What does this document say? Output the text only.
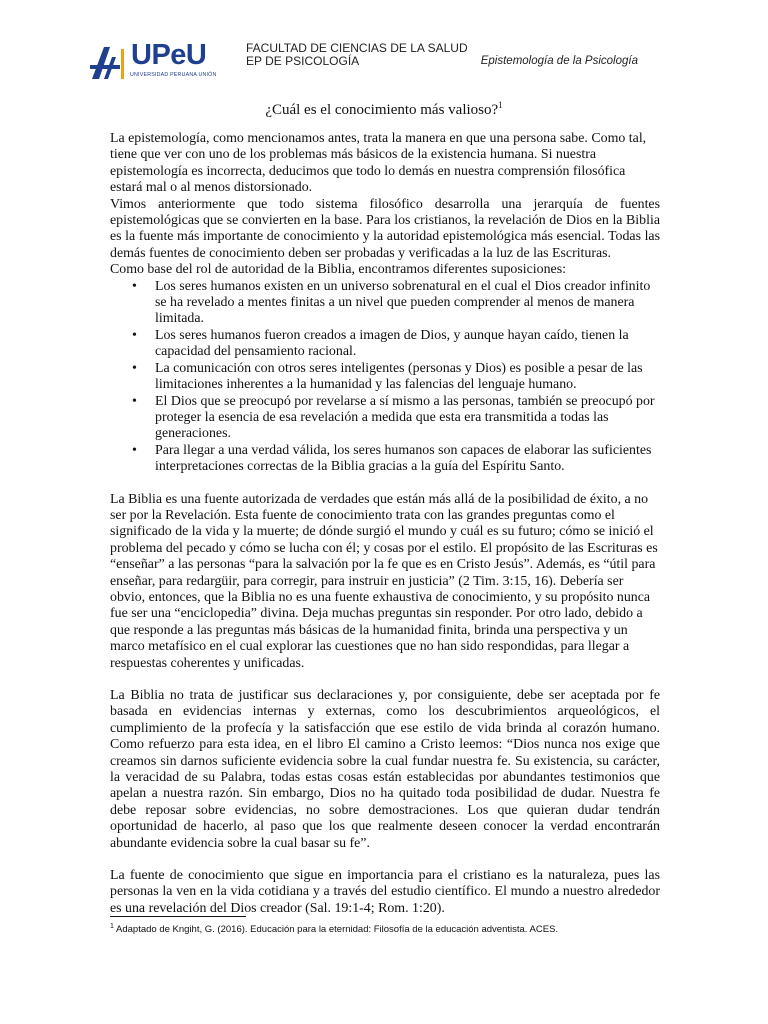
UPeU
UNIVERSIDAD PERUANA UNIÓN
FACULTAD DE CIENCIAS DE LA SALUD
EP DE PSICOLOGÍA	Epistemología de la Psicología
¿Cuál es el conocimiento más valioso?$^1$

La epistemología, como mencionamos antes, trata la manera en que una persona sabe. Como tal, tiene que ver con uno de los problemas más básicos de la existencia humana. Si nuestra epistemología es incorrecta, deducimos que todo lo demás en nuestra comprensión filosófica estará mal o al menos distorsionado.

Vimos anteriormente que todo sistema filosófico desarrolla una jerarquía de fuentes epistemológicas que se convierten en la base. Para los cristianos, la revelación de Dios en la Biblia es la fuente más importante de conocimiento y la autoridad epistemológica más esencial. Todas las demás fuentes de conocimiento deben ser probadas y verificadas a la luz de las Escrituras.

Como base del rol de autoridad de la Biblia, encontramos diferentes suposiciones:

• Los seres humanos existen en un universo sobrenatural en el cual el Dios creador infinito se ha revelado a mentes finitas a un nivel que pueden comprender al menos de manera limitada.
• Los seres humanos fueron creados a imagen de Dios, y aunque hayan caído, tienen la capacidad del pensamiento racional.
• La comunicación con otros seres inteligentes (personas y Dios) es posible a pesar de las limitaciones inherentes a la humanidad y las falencias del lenguaje humano.
• El Dios que se preocupó por revelarse a sí mismo a las personas, también se preocupó por proteger la esencia de esa revelación a medida que esta era transmitida a todas las generaciones.
• Para llegar a una verdad válida, los seres humanos son capaces de elaborar las suficientes interpretaciones correctas de la Biblia gracias a la guía del Espíritu Santo.

La Biblia es una fuente autorizada de verdades que están más allá de la posibilidad de éxito, a no ser por la Revelación. Esta fuente de conocimiento trata con las grandes preguntas como el significado de la vida y la muerte; de dónde surgió el mundo y cuál es su futuro; cómo se inició el problema del pecado y cómo se lucha con él; y cosas por el estilo. El propósito de las Escrituras es “enseñar” a las personas “para la salvación por la fe que es en Cristo Jesús”. Además, es “útil para enseñar, para redargüir, para corregir, para instruir en justicia” (2 Tim. 3:15, 16). Debería ser obvio, entonces, que la Biblia no es una fuente exhaustiva de conocimiento, y su propósito nunca fue ser una “enciclopedia” divina. Deja muchas preguntas sin responder. Por otro lado, debido a que responde a las preguntas más básicas de la humanidad finita, brinda una perspectiva y un marco metafísico en el cual explorar las cuestiones que no han sido respondidas, para llegar a respuestas coherentes y unificadas.

La Biblia no trata de justificar sus declaraciones y, por consiguiente, debe ser aceptada por fe basada en evidencias internas y externas, como los descubrimientos arqueológicos, el cumplimiento de la profecía y la satisfacción que ese estilo de vida brinda al corazón humano. Como refuerzo para esta idea, en el libro El camino a Cristo leemos: “Dios nunca nos exige que creamos sin darnos suficiente evidencia sobre la cual fundar nuestra fe. Su existencia, su carácter, la veracidad de su Palabra, todas estas cosas están establecidas por abundantes testimonios que apelan a nuestra razón. Sin embargo, Dios no ha quitado toda posibilidad de dudar. Nuestra fe debe reposar sobre evidencias, no sobre demostraciones. Los que quieran dudar tendrán oportunidad de hacerlo, al paso que los que realmente deseen conocer la verdad encontrarán abundante evidencia sobre la cual basar su fe”.

La fuente de conocimiento que sigue en importancia para el cristiano es la naturaleza, pues las personas la ven en la vida cotidiana y a través del estudio científico. El mundo a nuestro alrededor es una revelación del Dios creador (Sal. 19:1-4; Rom. 1:20).

$^1$ Adaptado de Kngiht, G. (2016). Educación para la eternidad: Filosofía de la educación adventista. ACES.
